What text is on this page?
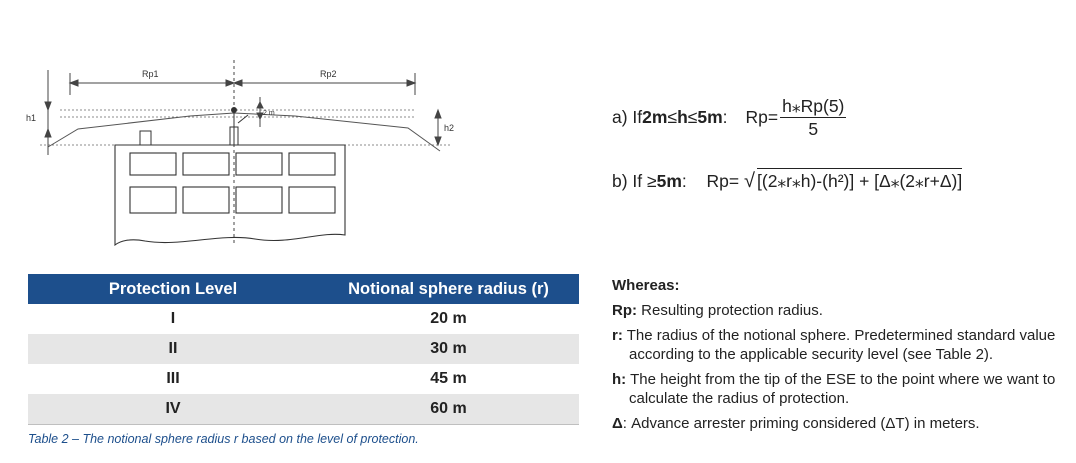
Rp1	Rp2
h1
h2
2 m	a) If 2m ≤ h ≤ 5m : $Rp= \frac{h⁎Rp(5)}{5}$
b) If ≥5m: Rp= √ [(2⁎r⁎h)-(h²)] + [Δ⁎(2⁎r+Δ)]
Protection Level	Notional sphere radius (r)
I	20 m
II	30 m
III	45 m
IV	60 m
Table 2 – The notional sphere radius r based on the level of protection.
Whereas:
Rp: Resulting protection radius.
r: The radius of the notional sphere. Predetermined standard value according to the applicable security level (see Table 2).
h: The height from the tip of the ESE to the point where we want to calculate the radius of protection.
Δ: Advance arrester priming considered (ΔT) in meters.
